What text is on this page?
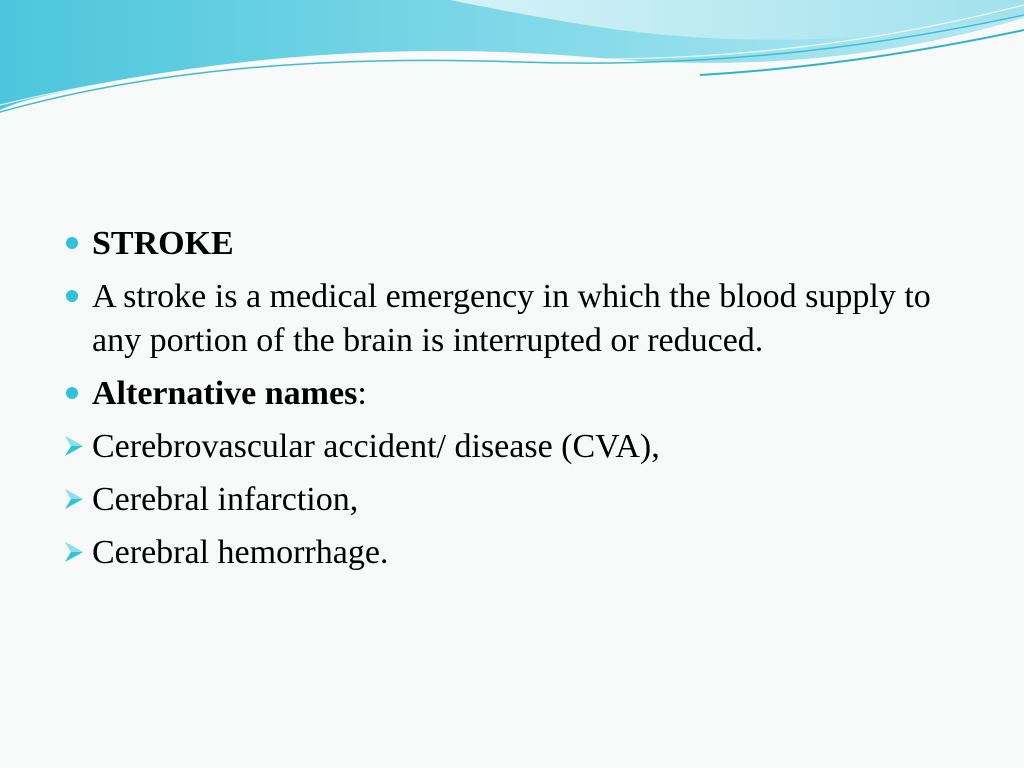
STROKE
A stroke is a medical emergency in which the blood supply to any portion of the brain is interrupted or reduced.
Alternative names:
Cerebrovascular accident/ disease (CVA),
Cerebral infarction,
Cerebral hemorrhage.
